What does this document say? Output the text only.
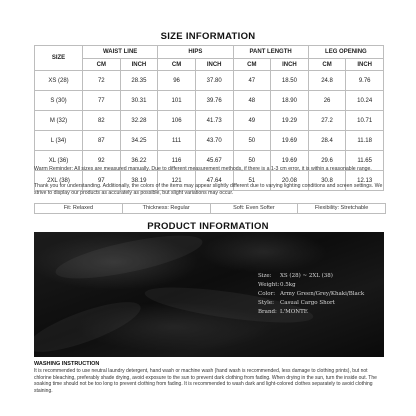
SIZE INFORMATION
SIZE	WAIST LINE		HIPS		PANT LENGTH		LEG OPENING	
	CM	INCH	CM	INCH	CM	INCH	CM	INCH
XS (28)	72	28.35	96	37.80	47	18.50	24.8	9.76
S (30)	77	30.31	101	39.76	48	18.90	26	10.24
M (32)	82	32.28	106	41.73	49	19.29	27.2	10.71
L (34)	87	34.25	111	43.70	50	19.69	28.4	11.18
XL (36)	92	36.22	116	45.67	50	19.69	29.6	11.65
2XL (38)	97	38.19	121	47.64	51	20.08	30.8	12.13
Warm Reminder: All sizes are measured manually. Due to different measurement methods, if there is a 1-3 cm error, it is within a reasonable range.
Thank you for understanding. Additionally, the colors of the items may appear slightly different due to varying lighting conditions and screen settings. We strive to display our products as accurately as possible, but slight variations may occur.
Fit: Relaxed	Thickness: Regular	Soft: Even Softer	Flexibility: Stretchable
PRODUCT INFORMATION
Size:	XS (28) ~ 2XL (38)
Weight: 0.5kg
Color: Army Green/Grey/Khaki/Black
Style:	Casual Cargo Short
Brand: L'MONTE
WASHING INSTRUCTION
It is recommended to use neutral laundry detergent, hand wash or machine wash (hand wash is recommended, less damage to clothing prints), but not chlorine bleaching, preferably shade drying, avoid exposure to the sun to prevent dark clothing from fading. When drying in the sun, turn the inside out. The soaking time should not be too long to prevent clothing from fading. It is recommended to wash dark and light-colored clothes separately to avoid clothing staining.
